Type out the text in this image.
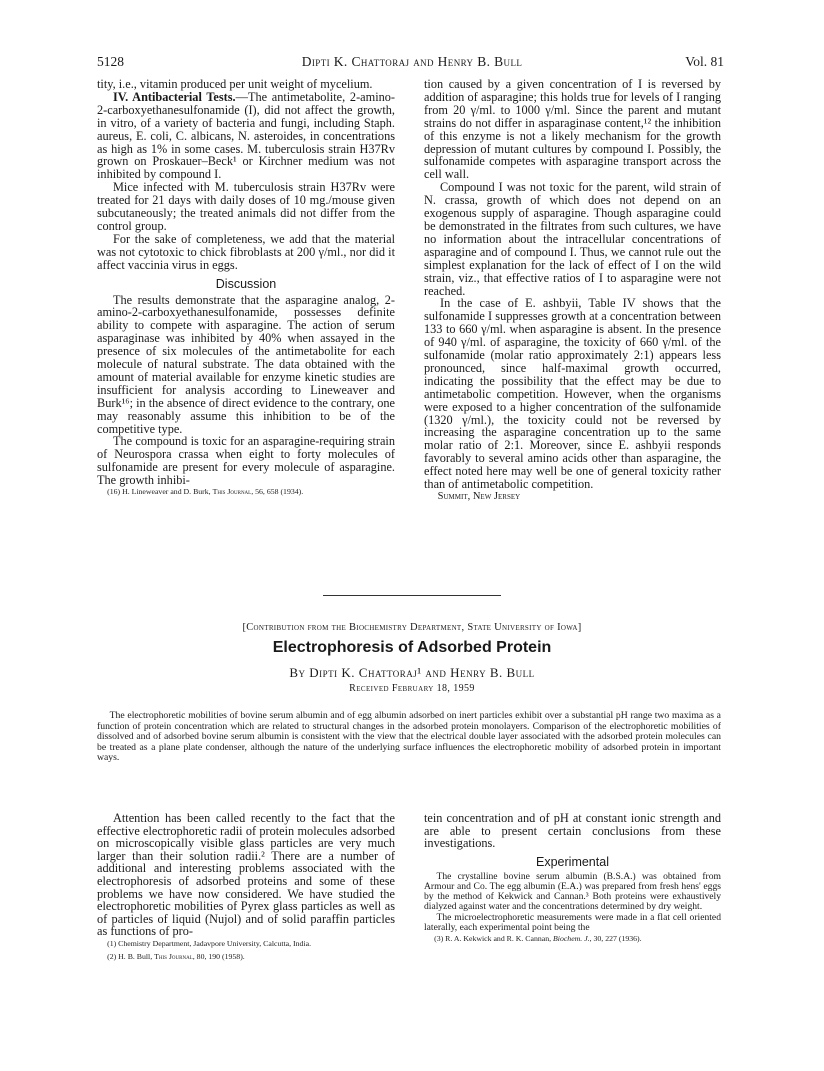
5128	Dipti K. Chattoraj and Henry B. Bull	Vol. 81

tity, i.e., vitamin produced per unit weight of mycelium.

IV. Antibacterial Tests.—The antimetabolite, 2-amino-2-carboxyethanesulfonamide (I), did not affect the growth, in vitro, of a variety of bacteria and fungi, including Staph. aureus, E. coli, C. albicans, N. asteroides, in concentrations as high as 1% in some cases. M. tuberculosis strain H37Rv grown on Proskauer–Beck¹ or Kirchner medium was not inhibited by compound I.

Mice infected with M. tuberculosis strain H37Rv were treated for 21 days with daily doses of 10 mg./mouse given subcutaneously; the treated animals did not differ from the control group.

For the sake of completeness, we add that the material was not cytotoxic to chick fibroblasts at 200 γ/ml., nor did it affect vaccinia virus in eggs.

Discussion

The results demonstrate that the asparagine analog, 2-amino-2-carboxyethanesulfonamide, possesses definite ability to compete with asparagine. The action of serum asparaginase was inhibited by 40% when assayed in the presence of six molecules of the antimetabolite for each molecule of natural substrate. The data obtained with the amount of material available for enzyme kinetic studies are insufficient for analysis according to Lineweaver and Burk¹⁶; in the absence of direct evidence to the contrary, one may reasonably assume this inhibition to be of the competitive type.

The compound is toxic for an asparagine-requiring strain of Neurospora crassa when eight to forty molecules of sulfonamide are present for every molecule of asparagine. The growth inhibi-

(16) H. Lineweaver and D. Burk, This Journal, 56, 658 (1934).

tion caused by a given concentration of I is reversed by addition of asparagine; this holds true for levels of I ranging from 20 γ/ml. to 1000 γ/ml. Since the parent and mutant strains do not differ in asparaginase content,¹² the inhibition of this enzyme is not a likely mechanism for the growth depression of mutant cultures by compound I. Possibly, the sulfonamide competes with asparagine transport across the cell wall.

Compound I was not toxic for the parent, wild strain of N. crassa, growth of which does not depend on an exogenous supply of asparagine. Though asparagine could be demonstrated in the filtrates from such cultures, we have no information about the intracellular concentrations of asparagine and of compound I. Thus, we cannot rule out the simplest explanation for the lack of effect of I on the wild strain, viz., that effective ratios of I to asparagine were not reached.

In the case of E. ashbyii, Table IV shows that the sulfonamide I suppresses growth at a concentration between 133 to 660 γ/ml. when asparagine is absent. In the presence of 940 γ/ml. of asparagine, the toxicity of 660 γ/ml. of the sulfonamide (molar ratio approximately 2:1) appears less pronounced, since half-maximal growth occurred, indicating the possibility that the effect may be due to antimetabolic competition. However, when the organisms were exposed to a higher concentration of the sulfonamide (1320 γ/ml.), the toxicity could not be reversed by increasing the asparagine concentration up to the same molar ratio of 2:1. Moreover, since E. ashbyii responds favorably to several amino acids other than asparagine, the effect noted here may well be one of general toxicity rather than of antimetabolic competition.

Summit, New Jersey

[Contribution from the Biochemistry Department, State University of Iowa]
Electrophoresis of Adsorbed Protein
By Dipti K. Chattoraj¹ and Henry B. Bull
Received February 18, 1959

The electrophoretic mobilities of bovine serum albumin and of egg albumin adsorbed on inert particles exhibit over a substantial pH range two maxima as a function of protein concentration which are related to structural changes in the adsorbed protein monolayers. Comparison of the electrophoretic mobilities of dissolved and of adsorbed bovine serum albumin is consistent with the view that the electrical double layer associated with the adsorbed protein molecules can be treated as a plane plate condenser, although the nature of the underlying surface influences the electrophoretic mobility of adsorbed protein in important ways.

Attention has been called recently to the fact that the effective electrophoretic radii of protein molecules adsorbed on microscopically visible glass particles are very much larger than their solution radii.² There are a number of additional and interesting problems associated with the electrophoresis of adsorbed proteins and some of these problems we have now considered. We have studied the electrophoretic mobilities of Pyrex glass particles as well as of particles of liquid (Nujol) and of solid paraffin particles as functions of pro-

(1) Chemistry Department, Jadavpore University, Calcutta, India.

(2) H. B. Bull, This Journal, 80, 190 (1958).

tein concentration and of pH at constant ionic strength and are able to present certain conclusions from these investigations.

Experimental

The crystalline bovine serum albumin (B.S.A.) was obtained from Armour and Co. The egg albumin (E.A.) was prepared from fresh hens' eggs by the method of Kekwick and Cannan.³ Both proteins were exhaustively dialyzed against water and the concentrations determined by dry weight.

The microelectrophoretic measurements were made in a flat cell oriented laterally, each experimental point being the

(3) R. A. Kekwick and R. K. Cannan, Biochem. J., 30, 227 (1936).
